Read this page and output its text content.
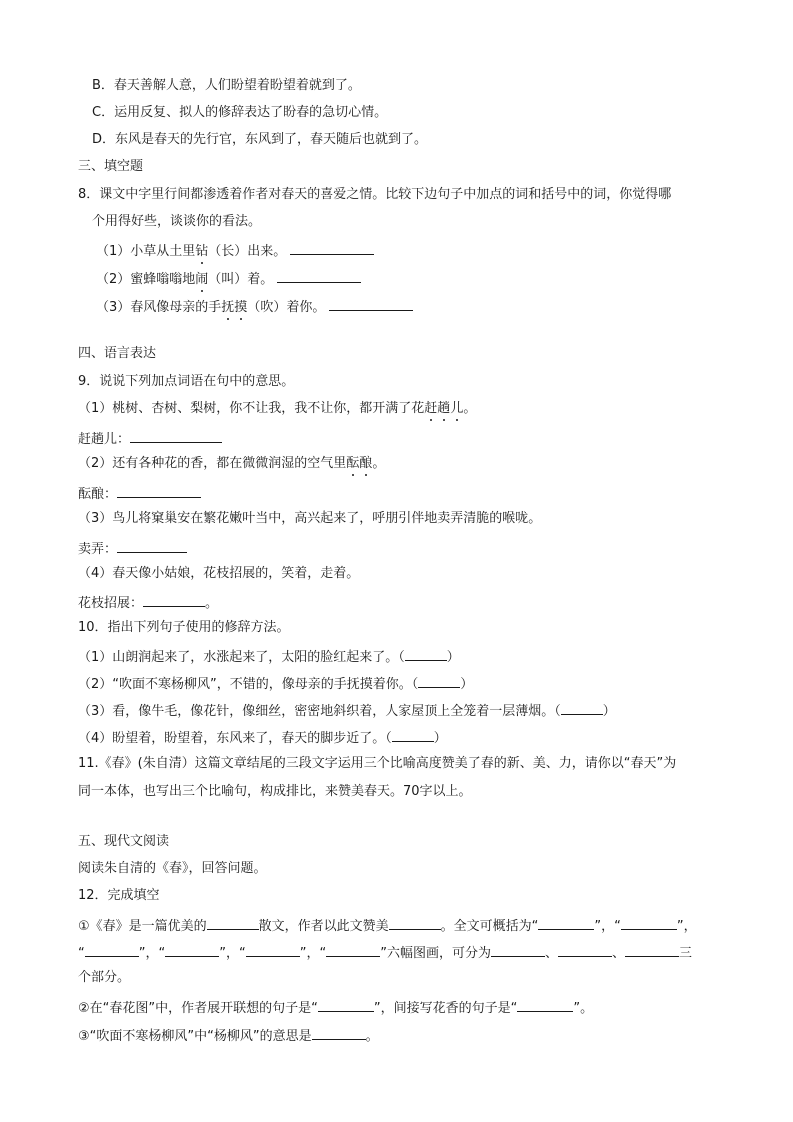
B．春天善解人意，人们盼望着盼望着就到了。
C．运用反复、拟人的修辞表达了盼春的急切心情。
D．东风是春天的先行官，东风到了，春天随后也就到了。
三、填空题
8．课文中字里行间都渗透着作者对春天的喜爱之情。比较下边句子中加点的词和括号中的词，你觉得哪
个用得好些，谈谈你的看法。
（1）小草从土里钻（长）出来。
（2）蜜蜂嗡嗡地闹（叫）着。
（3）春风像母亲的手抚摸（吹）着你。
四、语言表达
9．说说下列加点词语在句中的意思。
（1）桃树、杏树、梨树，你不让我，我不让你，都开满了花赶趟儿。
赶趟儿：
（2）还有各种花的香，都在微微润湿的空气里酝酿。
酝酿：
（3）鸟儿将窠巢安在繁花嫩叶当中，高兴起来了，呼朋引伴地卖弄清脆的喉咙。
卖弄：
（4）春天像小姑娘，花枝招展的，笑着，走着。
花枝招展：	。
10．指出下列句子使用的修辞方法。
（1）山朗润起来了，水涨起来了，太阳的脸红起来了。（	）
（2）“吹面不寒杨柳风”，不错的，像母亲的手抚摸着你。（	）
（3）看，像牛毛，像花针，像细丝，密密地斜织着，人家屋顶上全笼着一层薄烟。（	）
（4）盼望着，盼望着，东风来了，春天的脚步近了。（	）
11.《春》(朱自清）这篇文章结尾的三段文字运用三个比喻高度赞美了春的新、美、力，请你以“春天”为
同一本体，也写出三个比喻句，构成排比，来赞美春天。70字以上。
五、现代文阅读
阅读朱自清的《春》，回答问题。
12．完成填空
①《春》是一篇优美的	散文，作者以此文赞美	。全文可概括为“	”，“	”，
“	”，“	”，“	”，“	”六幅图画，可分为	、	、	三
个部分。
②在“春花图”中，作者展开联想的句子是“	”，间接写花香的句子是“	”。
③“吹面不寒杨柳风”中“杨柳风”的意思是	。
